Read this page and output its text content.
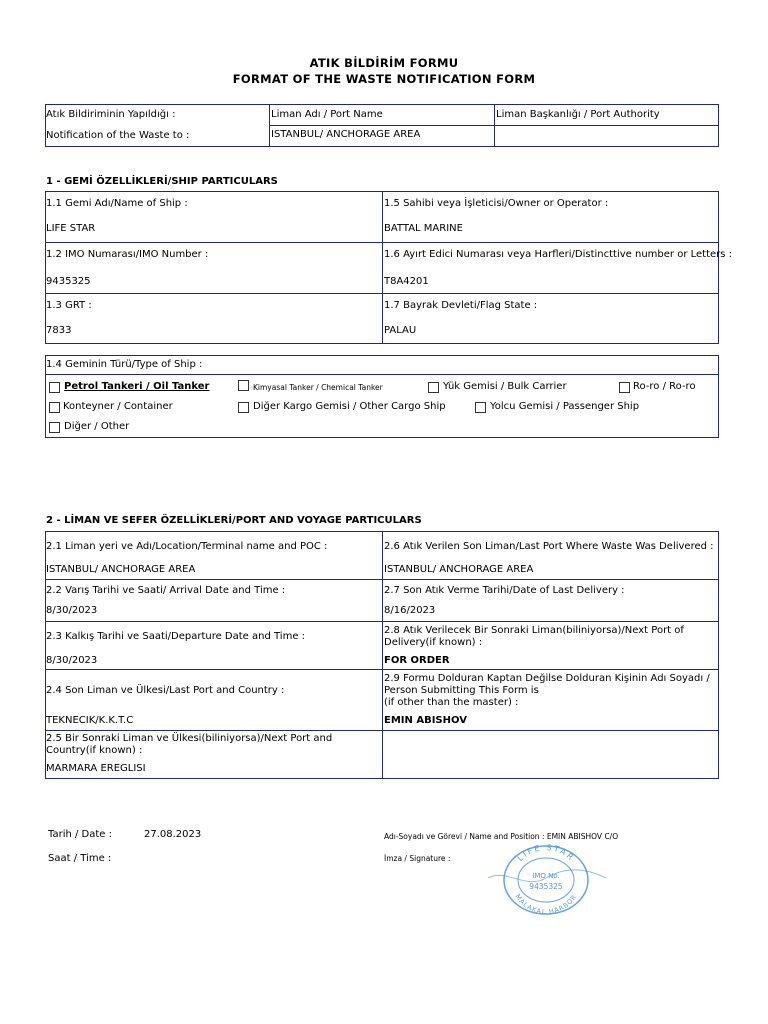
ATIK BİLDİRİM FORMU
FORMAT OF THE WASTE NOTIFICATION FORM
Atık Bildiriminin Yapıldığı :
Notification of the Waste to :
Liman Adı / Port Name
ISTANBUL/ ANCHORAGE AREA
Liman Başkanlığı / Port Authority
1 - GEMİ ÖZELLİKLERİ/SHIP PARTICULARS
1.1 Gemi Adı/Name of Ship :
LIFE STAR
1.2 IMO Numarası/IMO Number :
9435325
1.3 GRT :
7833
1.5 Sahibi veya İşleticisi/Owner or Operator :
BATTAL MARINE
1.6 Ayırt Edici Numarası veya Harfleri/Distincttive number or Letters :
T8A4201
1.7 Bayrak Devleti/Flag State :
PALAU
1.4 Geminin Türü/Type of Ship :
Petrol Tankeri / Oil Tanker	Kimyasal Tanker / Chemical Tanker	Yük Gemisi / Bulk Carrier	Ro-ro / Ro-ro
Konteyner / Container	Diğer Kargo Gemisi / Other Cargo Ship	Yolcu Gemisi / Passenger Ship
Diğer / Other
2 - LİMAN VE SEFER ÖZELLİKLERİ/PORT AND VOYAGE PARTICULARS
2.1 Liman yeri ve Adı/Location/Terminal name and POC :
ISTANBUL/ ANCHORAGE AREA
2.2 Varış Tarihi ve Saati/ Arrival Date and Time :
8/30/2023
2.3 Kalkış Tarihi ve Saati/Departure Date and Time :
8/30/2023
2.4 Son Liman ve Ülkesi/Last Port and Country :
TEKNECIK/K.K.T.C
2.5 Bir Sonraki Liman ve Ülkesi(biliniyorsa)/Next Port and Country(if known) :
MARMARA EREGLISI
2.6 Atık Verilen Son Liman/Last Port Where Waste Was Delivered :
ISTANBUL/ ANCHORAGE AREA
2.7 Son Atık Verme Tarihi/Date of Last Delivery :
8/16/2023
2.8 Atık Verilecek Bir Sonraki Liman(biliniyorsa)/Next Port of Delivery(if known) :
FOR ORDER
2.9 Formu Dolduran Kaptan Değilse Dolduran Kişinin Adı Soyadı /
Person Submitting This Form is
(if other than the master) :
EMIN ABISHOV
Tarih / Date :	27.08.2023
Saat / Time :
Adı-Soyadı ve Görevi / Name and Position : EMIN ABISHOV C/O
İmza / Signature :	LIFE STAR
IMO No.
9435325
MALAKAL HARBOR
